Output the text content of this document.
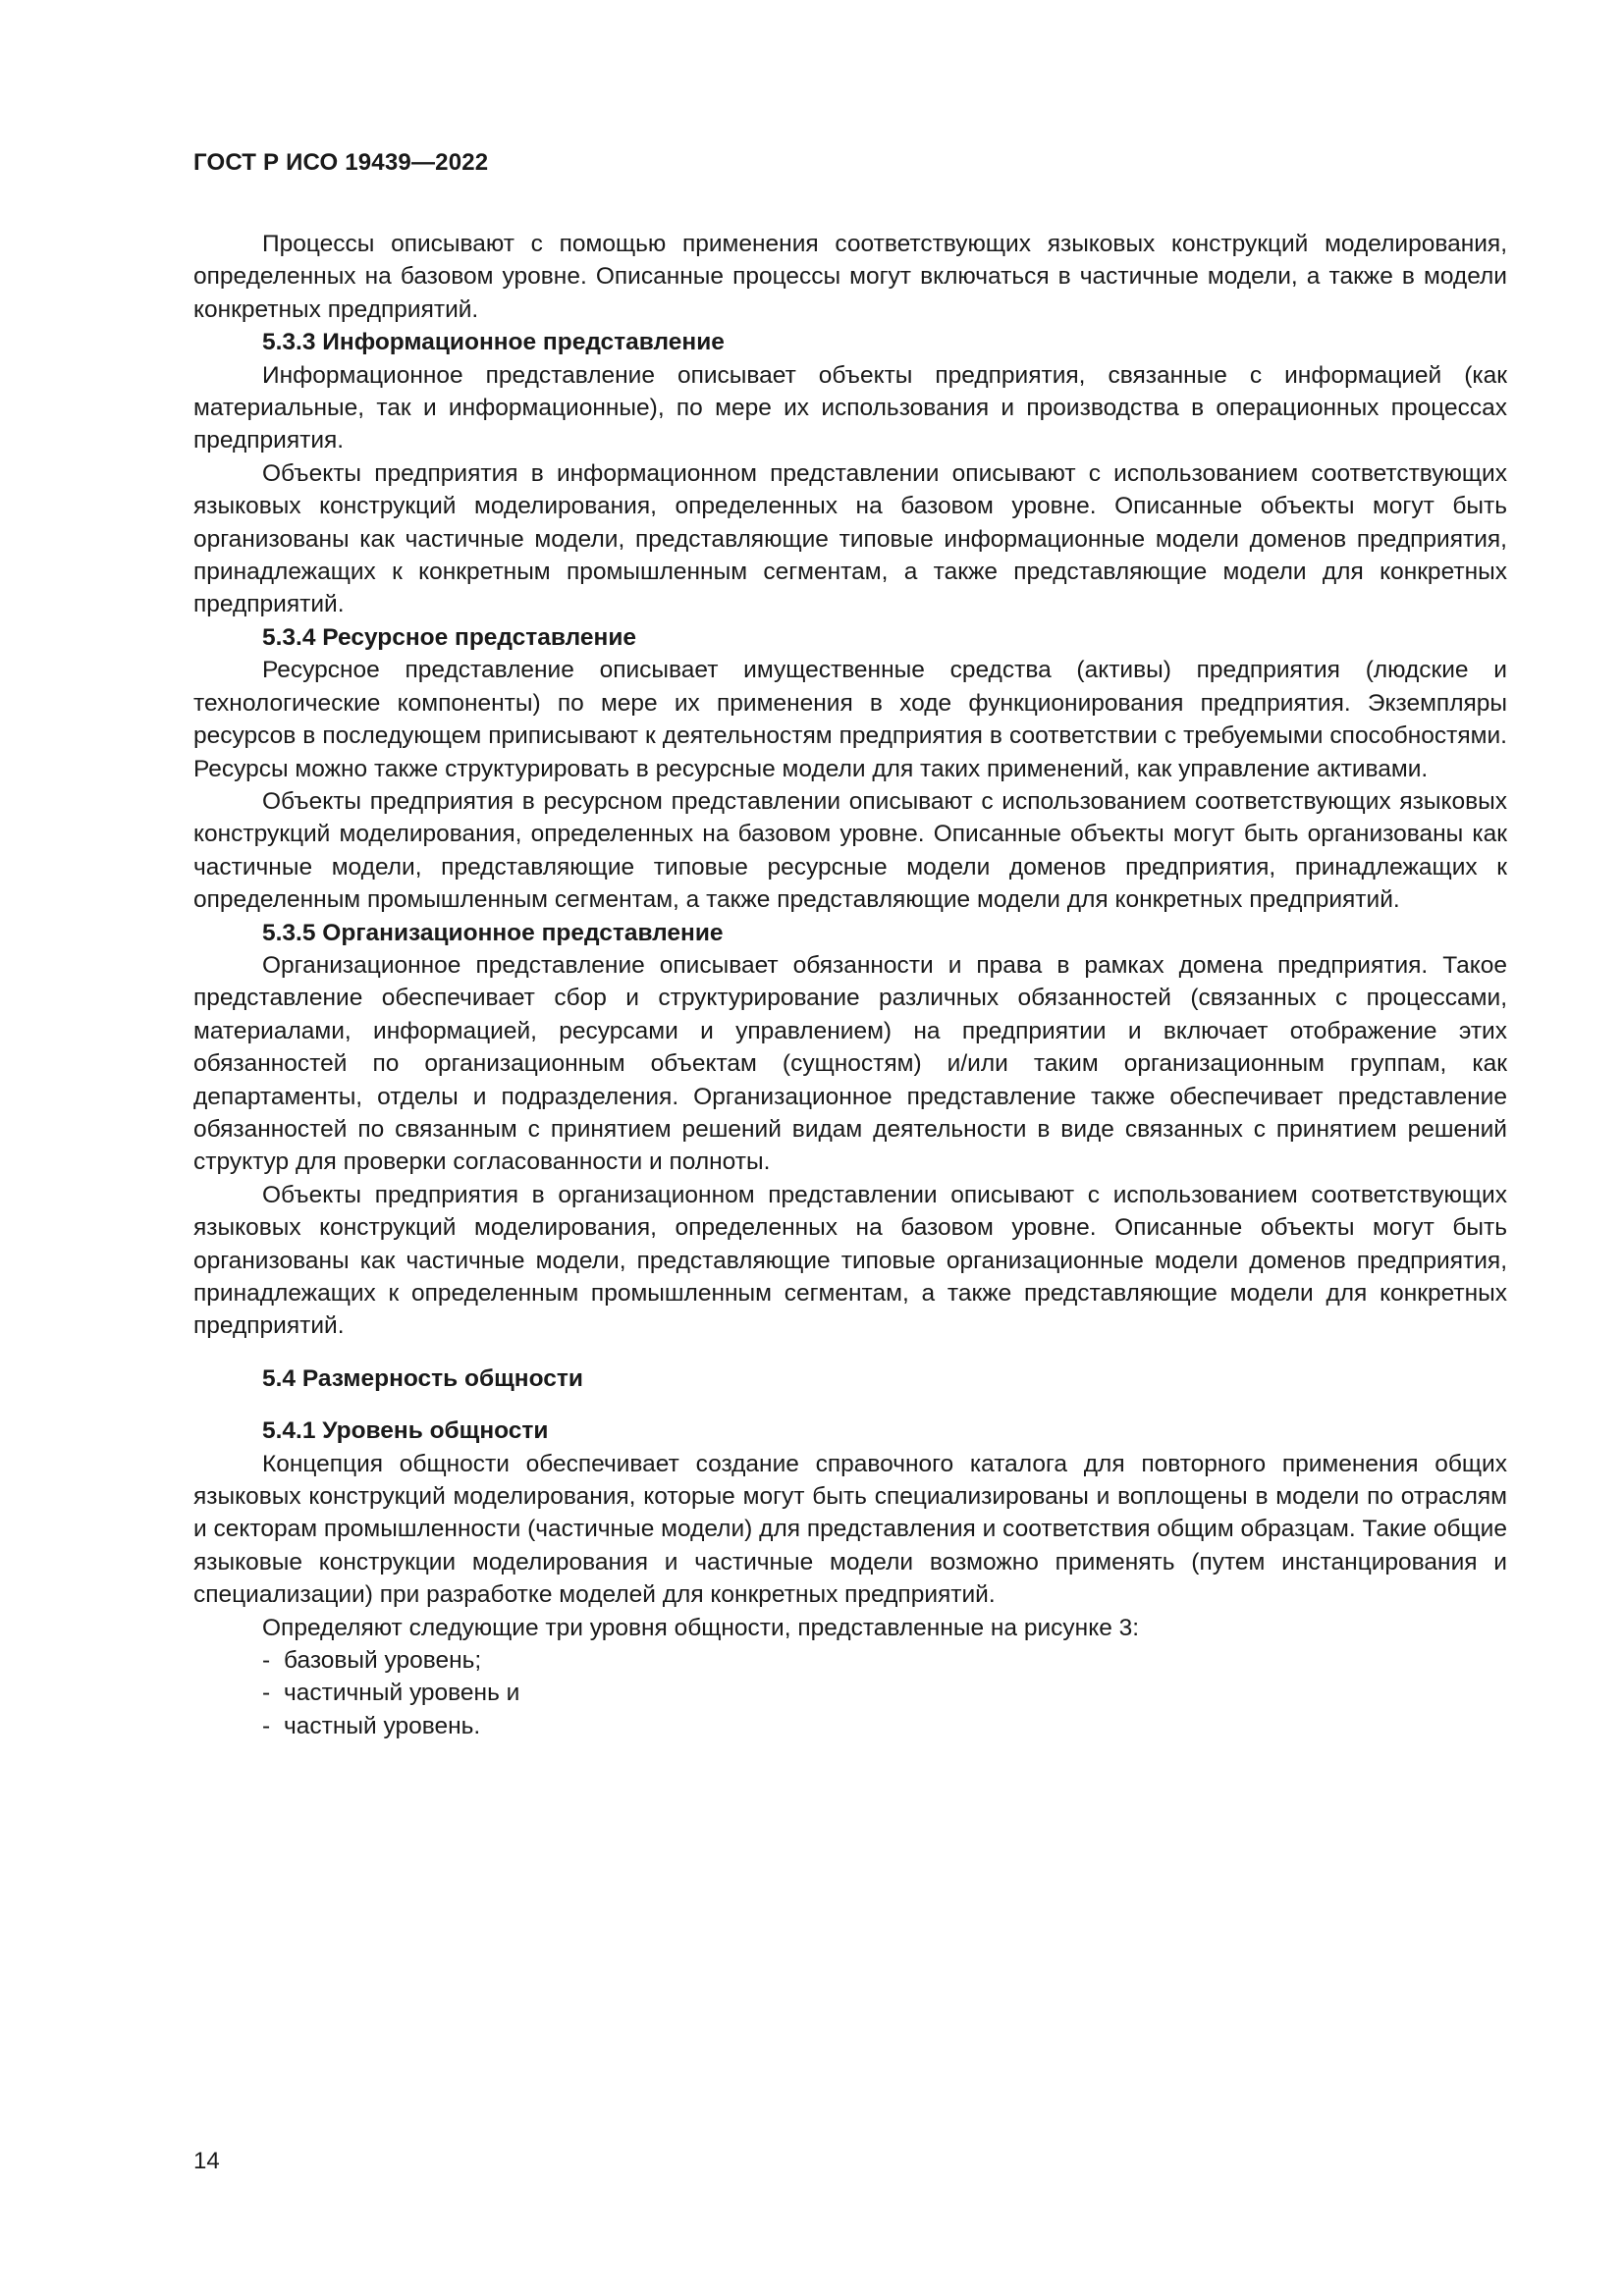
ГОСТ Р ИСО 19439—2022

Процессы описывают с помощью применения соответствующих языковых конструкций моделирования, определенных на базовом уровне. Описанные процессы могут включаться в частичные модели, а также в модели конкретных предприятий.

5.3.3 Информационное представление

Информационное представление описывает объекты предприятия, связанные с информацией (как материальные, так и информационные), по мере их использования и производства в операционных процессах предприятия.

Объекты предприятия в информационном представлении описывают с использованием соответствующих языковых конструкций моделирования, определенных на базовом уровне. Описанные объекты могут быть организованы как частичные модели, представляющие типовые информационные модели доменов предприятия, принадлежащих к конкретным промышленным сегментам, а также представляющие модели для конкретных предприятий.

5.3.4 Ресурсное представление

Ресурсное представление описывает имущественные средства (активы) предприятия (людские и технологические компоненты) по мере их применения в ходе функционирования предприятия. Экземпляры ресурсов в последующем приписывают к деятельностям предприятия в соответствии с требуемыми способностями. Ресурсы можно также структурировать в ресурсные модели для таких применений, как управление активами.

Объекты предприятия в ресурсном представлении описывают с использованием соответствующих языковых конструкций моделирования, определенных на базовом уровне. Описанные объекты могут быть организованы как частичные модели, представляющие типовые ресурсные модели доменов предприятия, принадлежащих к определенным промышленным сегментам, а также представляющие модели для конкретных предприятий.

5.3.5 Организационное представление

Организационное представление описывает обязанности и права в рамках домена предприятия. Такое представление обеспечивает сбор и структурирование различных обязанностей (связанных с процессами, материалами, информацией, ресурсами и управлением) на предприятии и включает отображение этих обязанностей по организационным объектам (сущностям) и/или таким организационным группам, как департаменты, отделы и подразделения. Организационное представление также обеспечивает представление обязанностей по связанным с принятием решений видам деятельности в виде связанных с принятием решений структур для проверки согласованности и полноты.

Объекты предприятия в организационном представлении описывают с использованием соответствующих языковых конструкций моделирования, определенных на базовом уровне. Описанные объекты могут быть организованы как частичные модели, представляющие типовые организационные модели доменов предприятия, принадлежащих к определенным промышленным сегментам, а также представляющие модели для конкретных предприятий.

5.4 Размерность общности
5.4.1 Уровень общности

Концепция общности обеспечивает создание справочного каталога для повторного применения общих языковых конструкций моделирования, которые могут быть специализированы и воплощены в модели по отраслям и секторам промышленности (частичные модели) для представления и соответствия общим образцам. Такие общие языковые конструкции моделирования и частичные модели возможно применять (путем инстанцирования и специализации) при разработке моделей для конкретных предприятий.

Определяют следующие три уровня общности, представленные на рисунке 3:

- базовый уровень;
- частичный уровень и
- частный уровень.
14
